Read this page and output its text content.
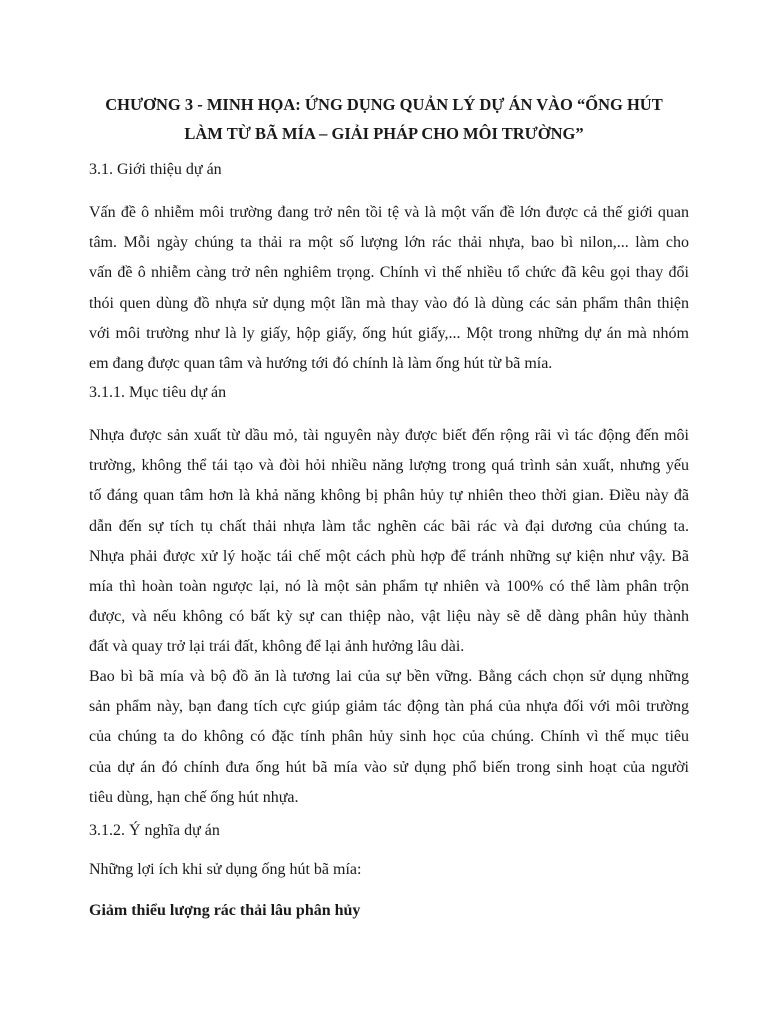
CHƯƠNG 3 - MINH HỌA: ỨNG DỤNG QUẢN LÝ DỰ ÁN VÀO “ỐNG HÚT
LÀM TỪ BÃ MÍA – GIẢI PHÁP CHO MÔI TRƯỜNG”

3.1. Giới thiệu dự án

Vấn đề ô nhiễm môi trường đang trở nên tồi tệ và là một vấn đề lớn được cả thế giới quan
tâm. Mỗi ngày chúng ta thải ra một số lượng lớn rác thải nhựa, bao bì nilon,... làm cho
vấn đề ô nhiễm càng trở nên nghiêm trọng. Chính vì thế nhiều tổ chức đã kêu gọi thay đổi
thói quen dùng đồ nhựa sử dụng một lần mà thay vào đó là dùng các sản phẩm thân thiện
với môi trường như là ly giấy, hộp giấy, ống hút giấy,... Một trong những dự án mà nhóm
em đang được quan tâm và hướng tới đó chính là làm ống hút từ bã mía.

3.1.1. Mục tiêu dự án

Nhựa được sản xuất từ dầu mỏ, tài nguyên này được biết đến rộng rãi vì tác động đến môi
trường, không thể tái tạo và đòi hỏi nhiều năng lượng trong quá trình sản xuất, nhưng yếu
tố đáng quan tâm hơn là khả năng không bị phân hủy tự nhiên theo thời gian. Điều này đã
dẫn đến sự tích tụ chất thải nhựa làm tắc nghẽn các bãi rác và đại dương của chúng ta.
Nhựa phải được xử lý hoặc tái chế một cách phù hợp để tránh những sự kiện như vậy. Bã
mía thì hoàn toàn ngược lại, nó là một sản phẩm tự nhiên và 100% có thể làm phân trộn
được, và nếu không có bất kỳ sự can thiệp nào, vật liệu này sẽ dễ dàng phân hủy thành
đất và quay trở lại trái đất, không để lại ảnh hưởng lâu dài.

Bao bì bã mía và bộ đồ ăn là tương lai của sự bền vững. Bằng cách chọn sử dụng những
sản phẩm này, bạn đang tích cực giúp giảm tác động tàn phá của nhựa đối với môi trường
của chúng ta do không có đặc tính phân hủy sinh học của chúng. Chính vì thế mục tiêu
của dự án đó chính đưa ống hút bã mía vào sử dụng phổ biến trong sinh hoạt của người
tiêu dùng, hạn chế ống hút nhựa.

3.1.2. Ý nghĩa dự án

Những lợi ích khi sử dụng ống hút bã mía:

Giảm thiểu lượng rác thải lâu phân hủy
